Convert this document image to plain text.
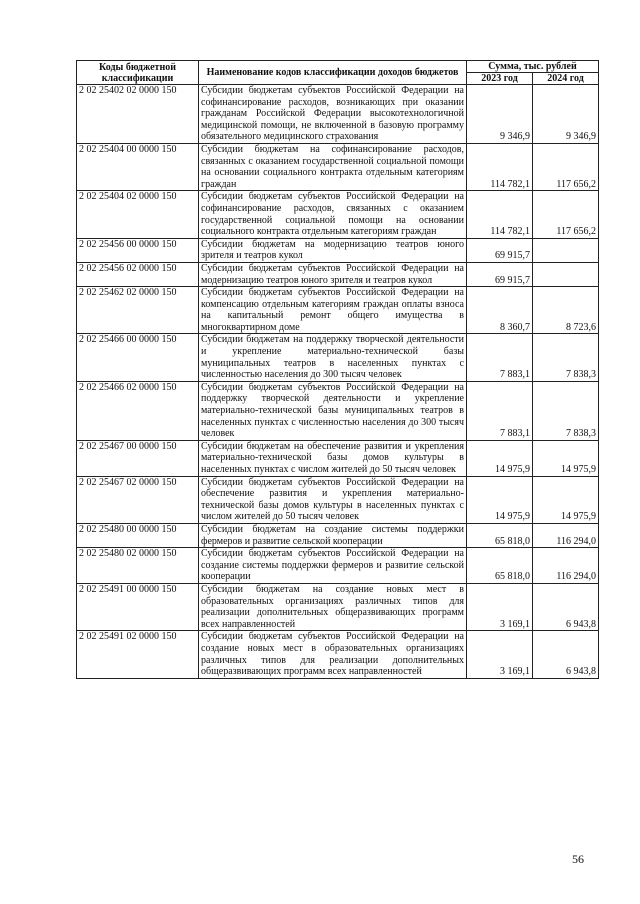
Коды бюджетной классификации	Наименование кодов классификации доходов бюджетов	Сумма, тыс. рублей	
		2023 год	2024 год
2 02 25402 02 0000 150	Субсидии бюджетам субъектов Российской Федерации на софинансирование расходов, возникающих при оказании гражданам Российской Федерации высокотехнологичной медицинской помощи, не включенной в базовую программу обязательного медицинского страхования	9 346,9	9 346,9
2 02 25404 00 0000 150	Субсидии бюджетам на софинансирование расходов, связанных с оказанием государственной социальной помощи на основании социального контракта отдельным категориям граждан	114 782,1	117 656,2
2 02 25404 02 0000 150	Субсидии бюджетам субъектов Российской Федерации на софинансирование расходов, связанных с оказанием государственной социальной помощи на основании социального контракта отдельным категориям граждан	114 782,1	117 656,2
2 02 25456 00 0000 150	Субсидии бюджетам на модернизацию театров юного зрителя и театров кукол	69 915,7	
2 02 25456 02 0000 150	Субсидии бюджетам субъектов Российской Федерации на модернизацию театров юного зрителя и театров кукол	69 915,7	
2 02 25462 02 0000 150	Субсидии бюджетам субъектов Российской Федерации на компенсацию отдельным категориям граждан оплаты взноса на капитальный ремонт общего имущества в многоквартирном доме	8 360,7	8 723,6
2 02 25466 00 0000 150	Субсидии бюджетам на поддержку творческой деятельности и укрепление материально-технической базы муниципальных театров в населенных пунктах с численностью населения до 300 тысяч человек	7 883,1	7 838,3
2 02 25466 02 0000 150	Субсидии бюджетам субъектов Российской Федерации на поддержку творческой деятельности и укрепление материально-технической базы муниципальных театров в населенных пунктах с численностью населения до 300 тысяч человек	7 883,1	7 838,3
2 02 25467 00 0000 150	Субсидии бюджетам на обеспечение развития и укрепления материально-технической базы домов культуры в населенных пунктах с числом жителей до 50 тысяч человек	14 975,9	14 975,9
2 02 25467 02 0000 150	Субсидии бюджетам субъектов Российской Федерации на обеспечение развития и укрепления материально-технической базы домов культуры в населенных пунктах с числом жителей до 50 тысяч человек	14 975,9	14 975,9
2 02 25480 00 0000 150	Субсидии бюджетам на создание системы поддержки фермеров и развитие сельской кооперации	65 818,0	116 294,0
2 02 25480 02 0000 150	Субсидии бюджетам субъектов Российской Федерации на создание системы поддержки фермеров и развитие сельской кооперации	65 818,0	116 294,0
2 02 25491 00 0000 150	Субсидии бюджетам на создание новых мест в образовательных организациях различных типов для реализации дополнительных общеразвивающих программ всех направленностей	3 169,1	6 943,8
2 02 25491 02 0000 150	Субсидии бюджетам субъектов Российской Федерации на создание новых мест в образовательных организациях различных типов для реализации дополнительных общеразвивающих программ всех направленностей	3 169,1	6 943,8
56
